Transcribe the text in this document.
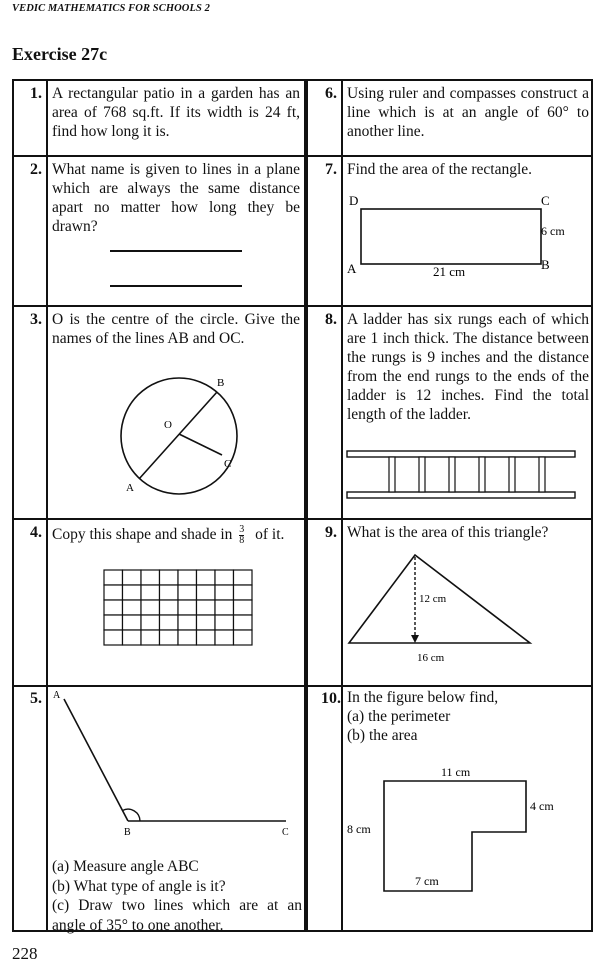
VEDIC MATHEMATICS FOR SCHOOLS 2
Exercise 27c
1. A rectangular patio in a garden has an area of 768 sq.ft. If its width is 24 ft, find how long it is.
6. Using ruler and compasses construct a line which is at an angle of 60° to another line.
2. What name is given to lines in a plane which are always the same distance apart no matter how long they be drawn?
7. Find the area of the rectangle.
D	C
A	B
6 cm
21 cm
3. O is the centre of the circle. Give the names of the lines AB and OC.
O
B
C
A
8. A ladder has six rungs each of which are 1 inch thick. The distance between the rungs is 9 inches and the distance from the end rungs to the ends of the ladder is 12 inches. Find the total length of the ladder.
4. Copy this shape and shade in $\frac{3}{8}$ of it.	9. What is the area of this triangle?
12 cm
16 cm
5. A
B	C

(a) Measure angle ABC

(b) What type of angle is it?

(c) Draw two lines which are at an angle of 35° to one another.

10. In the figure below find,

(a) the perimeter

(b) the area

11 cm
4 cm
8 cm
7 cm
228
